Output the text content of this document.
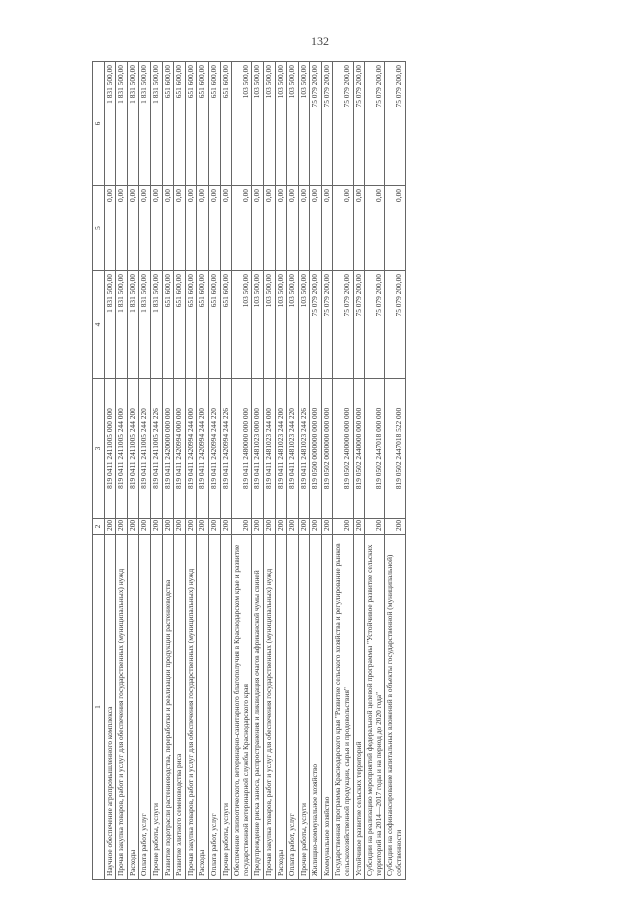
132
1	2	3	4	5	6
Научное обеспечение агропромышленного комплекса	200	819 0411 2411005 000 000	1 831 500,00	0,00	1 831 500,00
Прочая закупка товаров, работ и услуг для обеспечения государственных (муниципальных) нужд	200	819 0411 2411005 244 000	1 831 500,00	0,00	1 831 500,00
Расходы	200	819 0411 2411005 244 200	1 831 500,00	0,00	1 831 500,00
Оплата работ, услуг	200	819 0411 2411005 244 220	1 831 500,00	0,00	1 831 500,00
Прочие работы, услуги	200	819 0411 2411005 244 226	1 831 500,00	0,00	1 831 500,00
Развитие подотрасли растениеводства, переработки и реализации продукции растениеводства	200	819 0411 2420000 000 000	651 600,00	0,00	651 600,00
Развитие элитного семеноводства риса	200	819 0411 2420994 000 000	651 600,00	0,00	651 600,00
Прочая закупка товаров, работ и услуг для обеспечения государственных (муниципальных) нужд	200	819 0411 2420994 244 000	651 600,00	0,00	651 600,00
Расходы	200	819 0411 2420994 244 200	651 600,00	0,00	651 600,00
Оплата работ, услуг	200	819 0411 2420994 244 220	651 600,00	0,00	651 600,00
Прочие работы, услуги	200	819 0411 2420994 244 226	651 600,00	0,00	651 600,00
Обеспечение эпизоотического, ветеринарно-санитарного благополучия в Краснодарском крае и развитие государственной ветеринарной службы Краснодарского края	200	819 0411 2480000 000 000	103 500,00	0,00	103 500,00
Предупреждение риска заноса, распространения и ликвидация очагов африканской чумы свиней	200	819 0411 2481023 000 000	103 500,00	0,00	103 500,00
Прочая закупка товаров, работ и услуг для обеспечения государственных (муниципальных) нужд	200	819 0411 2481023 244 000	103 500,00	0,00	103 500,00
Расходы	200	819 0411 2481023 244 200	103 500,00	0,00	103 500,00
Оплата работ, услуг	200	819 0411 2481023 244 220	103 500,00	0,00	103 500,00
Прочие работы, услуги	200	819 0411 2481023 244 226	103 500,00	0,00	103 500,00
Жилищно-коммунальное хозяйство	200	819 0500 0000000 000 000	75 079 200,00	0,00	75 079 200,00
Коммунальное хозяйство	200	819 0502 0000000 000 000	75 079 200,00	0,00	75 079 200,00
Государственная программа Краснодарского края "Развитие сельского хозяйства и регулирование рынков сельскохозяйственной продукции, сырья и продовольствия"	200	819 0502 2400000 000 000	75 079 200,00	0,00	75 079 200,00
Устойчивое развитие сельских территорий	200	819 0502 2440000 000 000	75 079 200,00	0,00	75 079 200,00
Субсидии на реализацию мероприятий федеральной целевой программы "Устойчивое развитие сельских территорий на 2014—2017 годы и на период до 2020 года"	200	819 0502 2447018 000 000	75 079 200,00	0,00	75 079 200,00
Субсидии на софинансирование капитальных вложений в объекты государственной (муниципальной) собственности	200	819 0502 2447018 522 000	75 079 200,00	0,00	75 079 200,00
